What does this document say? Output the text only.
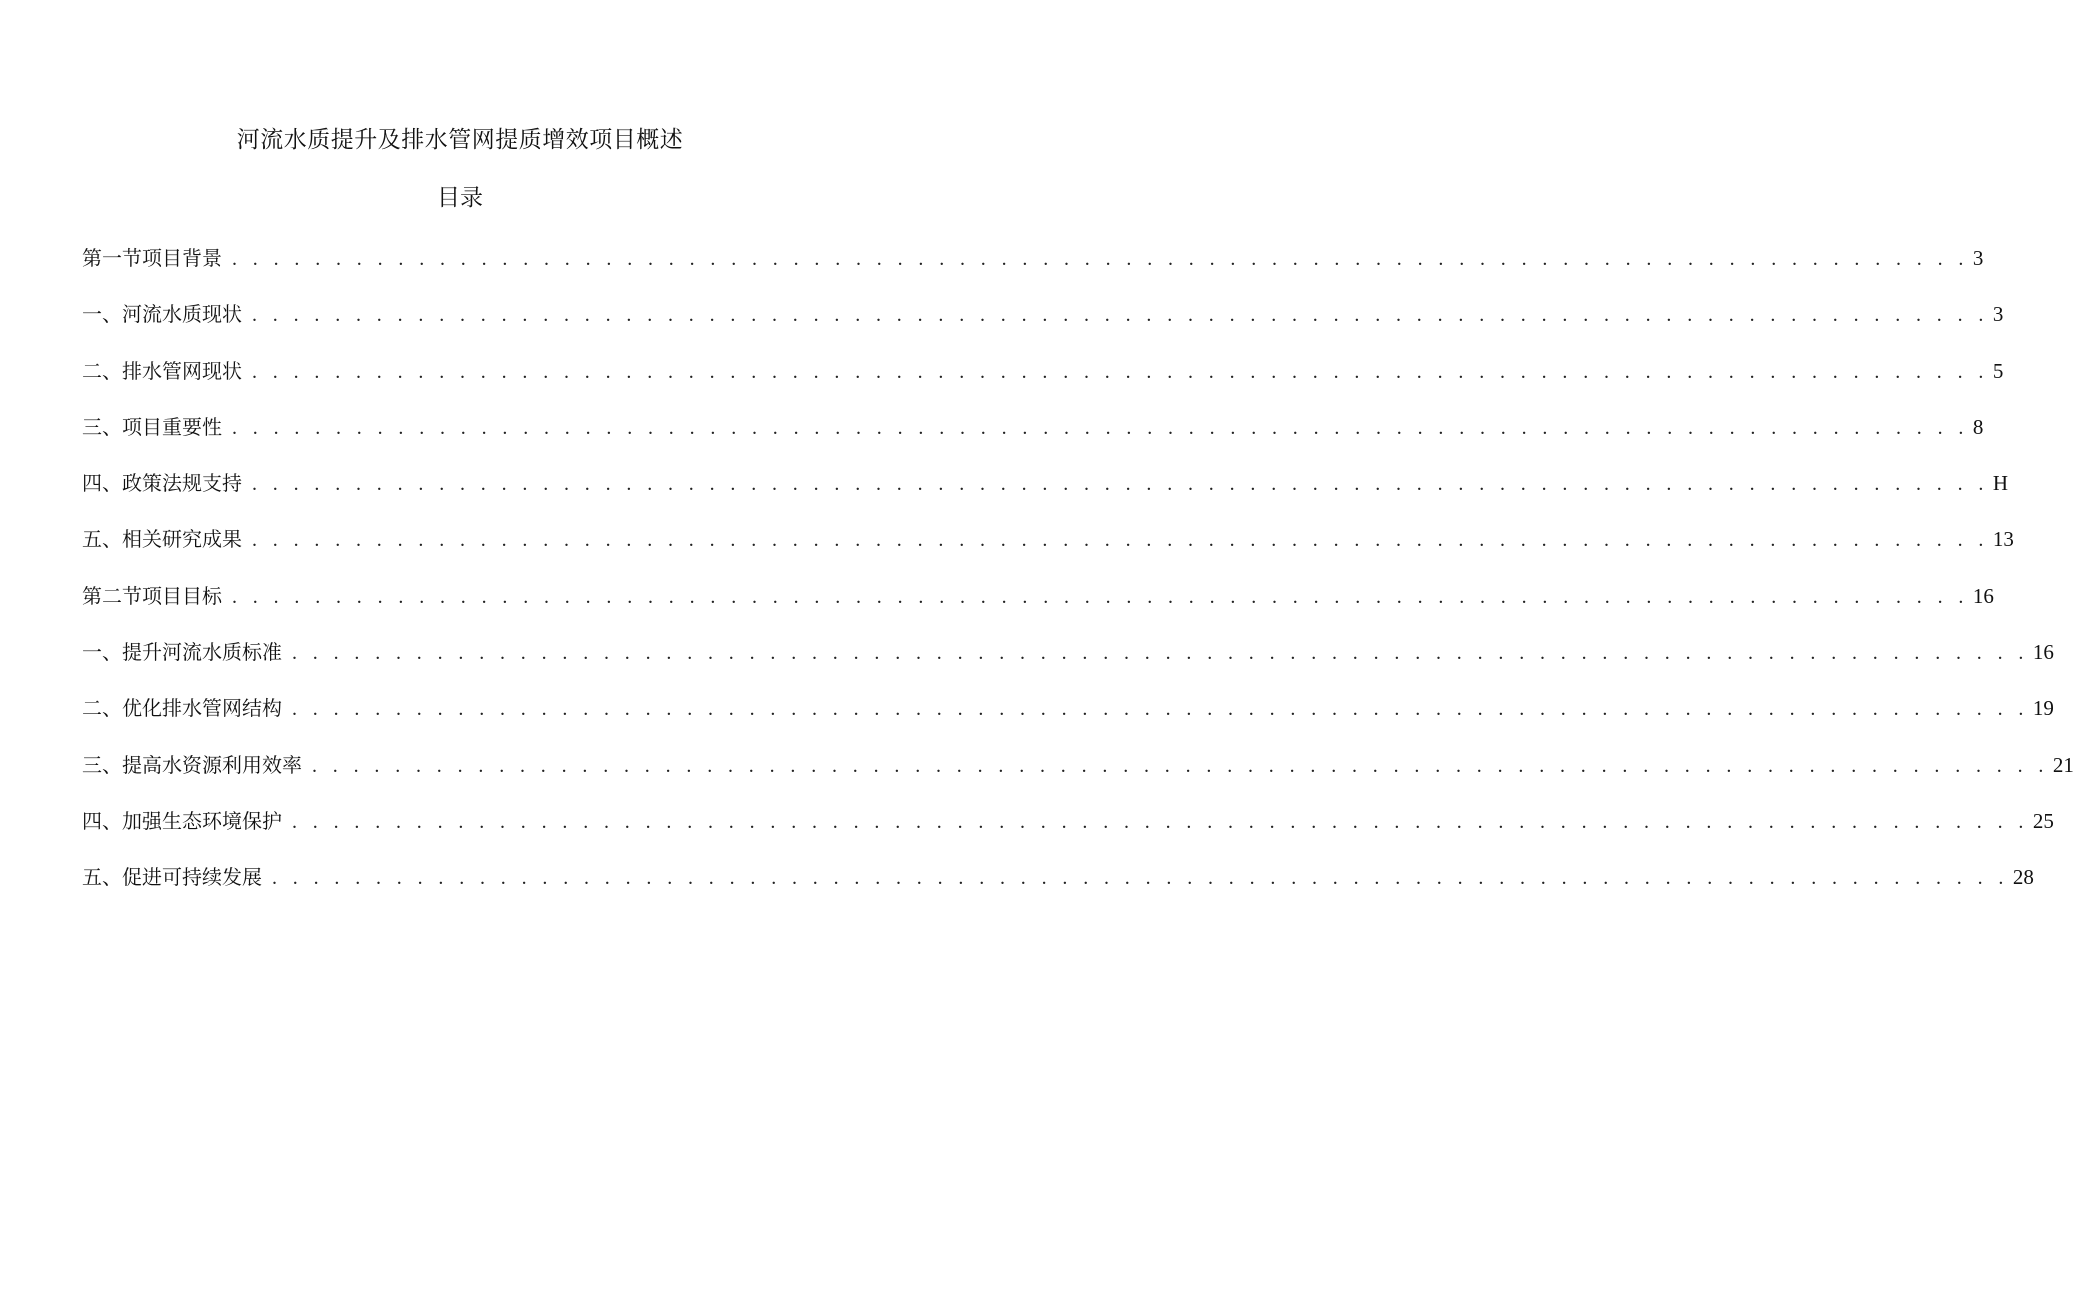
河流水质提升及排水管网提质增效项目概述
目录
第一节项目背景 . . . . . . . . . . . . . . . . . . . . . . . . . . . . . . . . . . . . . . . . . . . . . . . . . . . . . . . . . . . . . . . . . . . . . . . . . . . . . . . . . . . . 3
一、河流水质现状 . . . . . . . . . . . . . . . . . . . . . . . . . . . . . . . . . . . . . . . . . . . . . . . . . . . . . . . . . . . . . . . . . . . . . . . . . . . . . . . . . . . . 3
二、排水管网现状 . . . . . . . . . . . . . . . . . . . . . . . . . . . . . . . . . . . . . . . . . . . . . . . . . . . . . . . . . . . . . . . . . . . . . . . . . . . . . . . . . . . . 5
三、项目重要性 . . . . . . . . . . . . . . . . . . . . . . . . . . . . . . . . . . . . . . . . . . . . . . . . . . . . . . . . . . . . . . . . . . . . . . . . . . . . . . . . . . . . 8
四、政策法规支持 . . . . . . . . . . . . . . . . . . . . . . . . . . . . . . . . . . . . . . . . . . . . . . . . . . . . . . . . . . . . . . . . . . . . . . . . . . . . . . . . . . . . H
五、相关研究成果 . . . . . . . . . . . . . . . . . . . . . . . . . . . . . . . . . . . . . . . . . . . . . . . . . . . . . . . . . . . . . . . . . . . . . . . . . . . . . . . . . . . . 13
第二节项目目标 . . . . . . . . . . . . . . . . . . . . . . . . . . . . . . . . . . . . . . . . . . . . . . . . . . . . . . . . . . . . . . . . . . . . . . . . . . . . . . . . . . . . 16
一、提升河流水质标准 . . . . . . . . . . . . . . . . . . . . . . . . . . . . . . . . . . . . . . . . . . . . . . . . . . . . . . . . . . . . . . . . . . . . . . . . . . . . . . . . . . . . 16
二、优化排水管网结构 . . . . . . . . . . . . . . . . . . . . . . . . . . . . . . . . . . . . . . . . . . . . . . . . . . . . . . . . . . . . . . . . . . . . . . . . . . . . . . . . . . . . 19
三、提高水资源利用效率 . . . . . . . . . . . . . . . . . . . . . . . . . . . . . . . . . . . . . . . . . . . . . . . . . . . . . . . . . . . . . . . . . . . . . . . . . . . . . . . . . . . . 21
四、加强生态环境保护 . . . . . . . . . . . . . . . . . . . . . . . . . . . . . . . . . . . . . . . . . . . . . . . . . . . . . . . . . . . . . . . . . . . . . . . . . . . . . . . . . . . . 25
五、促进可持续发展 . . . . . . . . . . . . . . . . . . . . . . . . . . . . . . . . . . . . . . . . . . . . . . . . . . . . . . . . . . . . . . . . . . . . . . . . . . . . . . . . . . . . 28
